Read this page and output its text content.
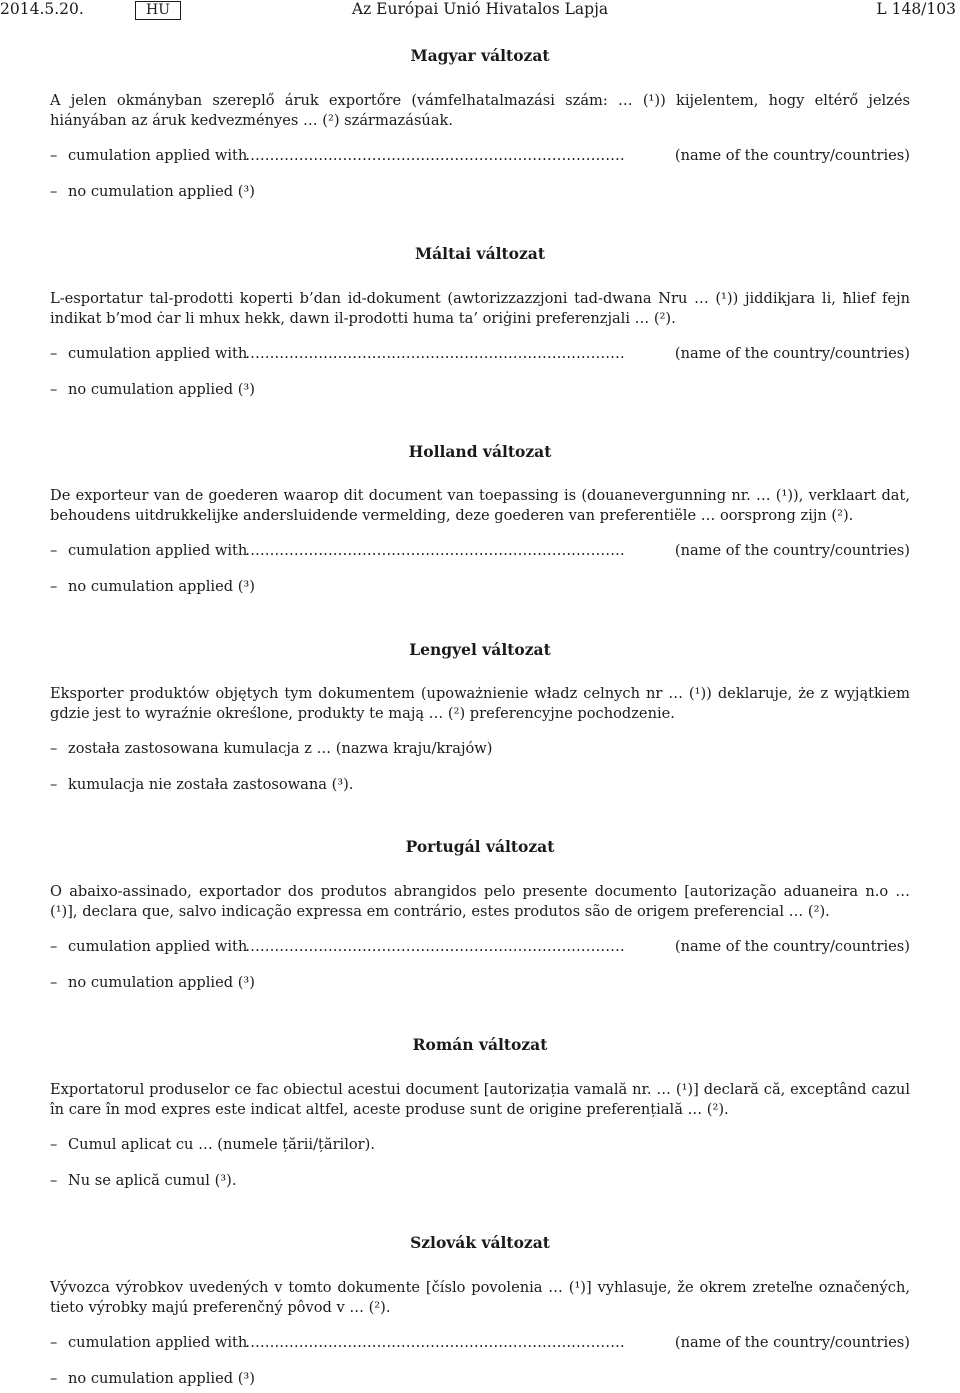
2014.5.20.	HU	Az Európai Unió Hivatalos Lapja	L 148/103
Magyar változat

A jelen okmányban szereplő áruk exportőre (vámfelhatalmazási szám: … (¹)) kijelentem, hogy eltérő jelzés hiányában az áruk kedvezményes … (²) származásúak.

– cumulation applied with
……………………………………………………………………	(name of the country/countries)
– no cumulation applied (³)
Máltai változat

L-esportatur tal-prodotti koperti b’dan id-dokument (awtorizzazzjoni tad-dwana Nru … (¹)) jiddikjara li, ħlief fejn indikat b’mod ċar li mhux hekk, dawn il-prodotti huma ta’ oriġini preferenzjali … (²).

– cumulation applied with
……………………………………………………………………	(name of the country/countries)
– no cumulation applied (³)
Holland változat

De exporteur van de goederen waarop dit document van toepassing is (douanevergunning nr. … (¹)), verklaart dat, behoudens uitdrukkelijke andersluidende vermelding, deze goederen van preferentiële … oorsprong zijn (²).

– cumulation applied with
……………………………………………………………………	(name of the country/countries)
– no cumulation applied (³)
Lengyel változat

Eksporter produktów objętych tym dokumentem (upoważnienie władz celnych nr … (¹)) deklaruje, że z wyjątkiem gdzie jest to wyraźnie określone, produkty te mają … (²) preferencyjne pochodzenie.

– została zastosowana kumulacja z … (nazwa kraju/krajów)
– kumulacja nie została zastosowana (³).
Portugál változat

O abaixo-assinado, exportador dos produtos abrangidos pelo presente documento [autorização aduaneira n.o … (¹)], declara que, salvo indicação expressa em contrário, estes produtos são de origem preferencial … (²).

– cumulation applied with
……………………………………………………………………	(name of the country/countries)
– no cumulation applied (³)
Román változat

Exportatorul produselor ce fac obiectul acestui document [autorizația vamală nr. … (¹)] declară că, exceptând cazul în care în mod expres este indicat altfel, aceste produse sunt de origine preferențială … (²).

– Cumul aplicat cu … (numele țării/țărilor).
– Nu se aplică cumul (³).
Szlovák változat

Vývozca výrobkov uvedených v tomto dokumente [číslo povolenia … (¹)] vyhlasuje, že okrem zreteľne označených, tieto výrobky majú preferenčný pôvod v … (²).

– cumulation applied with
……………………………………………………………………	(name of the country/countries)
– no cumulation applied (³)
